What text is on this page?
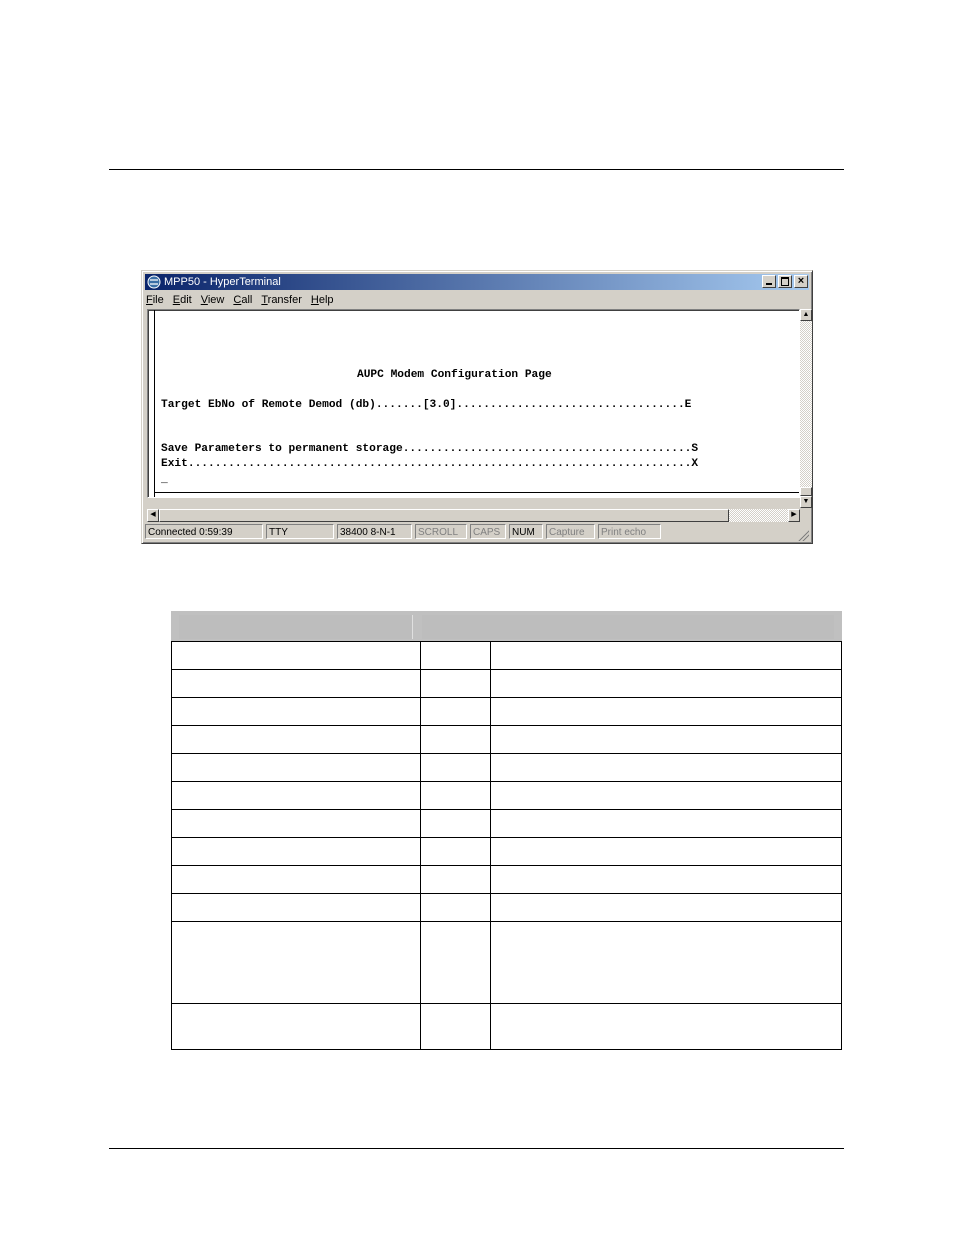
MPP50 - HyperTerminal	×
File Edit View Call Transfer Help
AUPC Modem Configuration Page
Target EbNo of Remote Demod (db).......[3.0]..................................E
Save Parameters to permanent storage...........................................S
Exit...........................................................................X
_
▲
▼
◀	▶
Connected 0:59:39	TTY	38400 8-N-1	SCROLL	CAPS	NUM	Capture	Print echo
